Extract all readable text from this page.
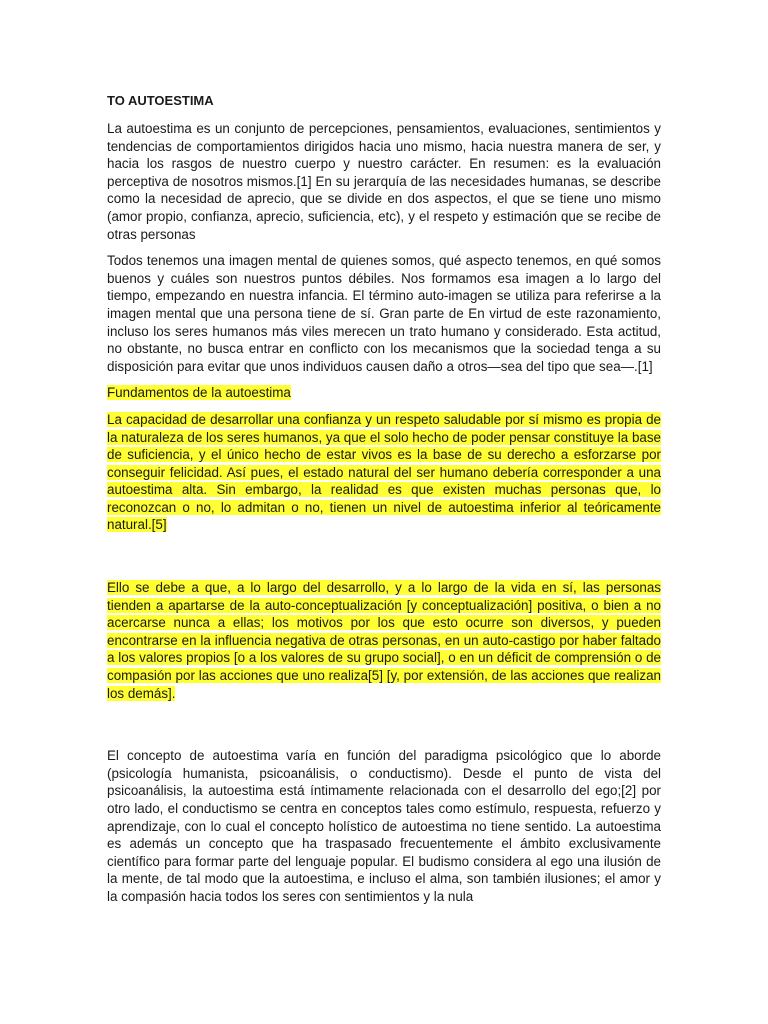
TO AUTOESTIMA

La autoestima es un conjunto de percepciones, pensamientos, evaluaciones, sentimientos y tendencias de comportamientos dirigidos hacia uno mismo, hacia nuestra manera de ser, y hacia los rasgos de nuestro cuerpo y nuestro carácter. En resumen: es la evaluación perceptiva de nosotros mismos.[1] En su jerarquía de las necesidades humanas, se describe como la necesidad de aprecio, que se divide en dos aspectos, el que se tiene uno mismo (amor propio, confianza, aprecio, suficiencia, etc), y el respeto y estimación que se recibe de otras personas

Todos tenemos una imagen mental de quienes somos, qué aspecto tenemos, en qué somos buenos y cuáles son nuestros puntos débiles. Nos formamos esa imagen a lo largo del tiempo, empezando en nuestra infancia. El término auto-imagen se utiliza para referirse a la imagen mental que una persona tiene de sí. Gran parte de En virtud de este razonamiento, incluso los seres humanos más viles merecen un trato humano y considerado. Esta actitud, no obstante, no busca entrar en conflicto con los mecanismos que la sociedad tenga a su disposición para evitar que unos individuos causen daño a otros—sea del tipo que sea—.[1]

Fundamentos de la autoestima

La capacidad de desarrollar una confianza y un respeto saludable por sí mismo es propia de la naturaleza de los seres humanos, ya que el solo hecho de poder pensar constituye la base de suficiencia, y el único hecho de estar vivos es la base de su derecho a esforzarse por conseguir felicidad. Así pues, el estado natural del ser humano debería corresponder a una autoestima alta. Sin embargo, la realidad es que existen muchas personas que, lo reconozcan o no, lo admitan o no, tienen un nivel de autoestima inferior al teóricamente natural.[5]

Ello se debe a que, a lo largo del desarrollo, y a lo largo de la vida en sí, las personas tienden a apartarse de la auto-conceptualización [y conceptualización] positiva, o bien a no acercarse nunca a ellas; los motivos por los que esto ocurre son diversos, y pueden encontrarse en la influencia negativa de otras personas, en un auto-castigo por haber faltado a los valores propios [o a los valores de su grupo social], o en un déficit de comprensión o de compasión por las acciones que uno realiza[5] [y, por extensión, de las acciones que realizan los demás].

El concepto de autoestima varía en función del paradigma psicológico que lo aborde (psicología humanista, psicoanálisis, o conductismo). Desde el punto de vista del psicoanálisis, la autoestima está íntimamente relacionada con el desarrollo del ego;[2] por otro lado, el conductismo se centra en conceptos tales como estímulo, respuesta, refuerzo y aprendizaje, con lo cual el concepto holístico de autoestima no tiene sentido. La autoestima es además un concepto que ha traspasado frecuentemente el ámbito exclusivamente científico para formar parte del lenguaje popular. El budismo considera al ego una ilusión de la mente, de tal modo que la autoestima, e incluso el alma, son también ilusiones; el amor y la compasión hacia todos los seres con sentimientos y la nula
